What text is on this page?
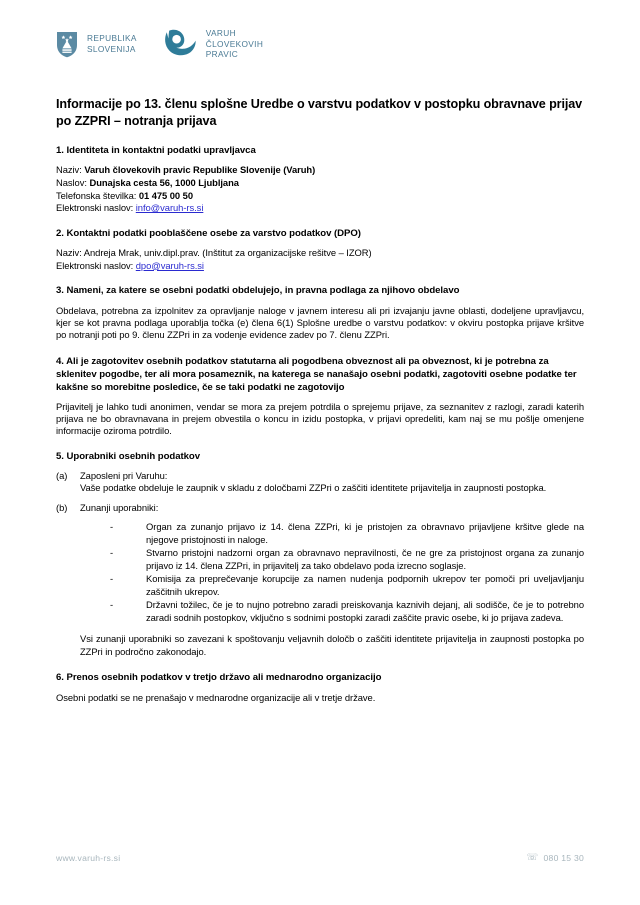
REPUBLIKA
SLOVENIJA
VARUH
ČLOVEKOVIH
PRAVIC
Informacije po 13. členu splošne Uredbe o varstvu podatkov v postopku obravnave prijav po ZZPRI – notranja prijava
1. Identiteta in kontaktni podatki upravljavca
Naziv: Varuh človekovih pravic Republike Slovenije (Varuh)
Naslov: Dunajska cesta 56, 1000 Ljubljana
Telefonska številka: 01 475 00 50
Elektronski naslov: info@varuh-rs.si
2. Kontaktni podatki pooblaščene osebe za varstvo podatkov (DPO)
Naziv: Andreja Mrak, univ.dipl.prav. (Inštitut za organizacijske rešitve – IZOR)
Elektronski naslov: dpo@varuh-rs.si
3. Nameni, za katere se osebni podatki obdelujejo, in pravna podlaga za njihovo obdelavo

Obdelava, potrebna za izpolnitev za opravljanje naloge v javnem interesu ali pri izvajanju javne oblasti, dodeljene upravljavcu, kjer se kot pravna podlaga uporablja točka (e) člena 6(1) Splošne uredbe o varstvu podatkov: v okviru postopka prijave kršitve po notranji poti po 9. členu ZZPri in za vodenje evidence zadev po 7. členu ZZPri.

4. Ali je zagotovitev osebnih podatkov statutarna ali pogodbena obveznost ali pa obveznost, ki je potrebna za sklenitev pogodbe, ter ali mora posameznik, na katerega se nanašajo osebni podatki, zagotoviti osebne podatke ter kakšne so morebitne posledice, če se taki podatki ne zagotovijo

Prijavitelj je lahko tudi anonimen, vendar se mora za prejem potrdila o sprejemu prijave, za seznanitev z razlogi, zaradi katerih prijava ne bo obravnavana in prejem obvestila o koncu in izidu postopka, v prijavi opredeliti, kam naj se mu pošlje omenjene informacije oziroma potrdilo.

5. Uporabniki osebnih podatkov
(a)	Zaposleni pri Varuhu:
Vaše podatke obdeluje le zaupnik v skladu z določbami ZZPri o zaščiti identitete prijavitelja in zaupnosti postopka.
(b)	Zunanji uporabniki:
-	Organ za zunanjo prijavo iz 14. člena ZZPri, ki je pristojen za obravnavo prijavljene kršitve glede na njegove pristojnosti in naloge.
-	Stvarno pristojni nadzorni organ za obravnavo nepravilnosti, če ne gre za pristojnost organa za zunanjo prijavo iz 14. člena ZZPri, in prijavitelj za tako obdelavo poda izrecno soglasje.
-	Komisija za preprečevanje korupcije za namen nudenja podpornih ukrepov ter pomoči pri uveljavljanju zaščitnih ukrepov.
-	Državni tožilec, če je to nujno potrebno zaradi preiskovanja kaznivih dejanj, ali sodišče, če je to potrebno zaradi sodnih postopkov, vključno s sodnimi postopki zaradi zaščite pravic osebe, ki jo prijava zadeva.

Vsi zunanji uporabniki so zavezani k spoštovanju veljavnih določb o zaščiti identitete prijavitelja in zaupnosti postopka po ZZPri in področno zakonodajo.

6. Prenos osebnih podatkov v tretjo državo ali mednarodno organizacijo

Osebni podatki se ne prenašajo v mednarodne organizacije ali v tretje države.

www.varuh-rs.si	☏ 080 15 30
